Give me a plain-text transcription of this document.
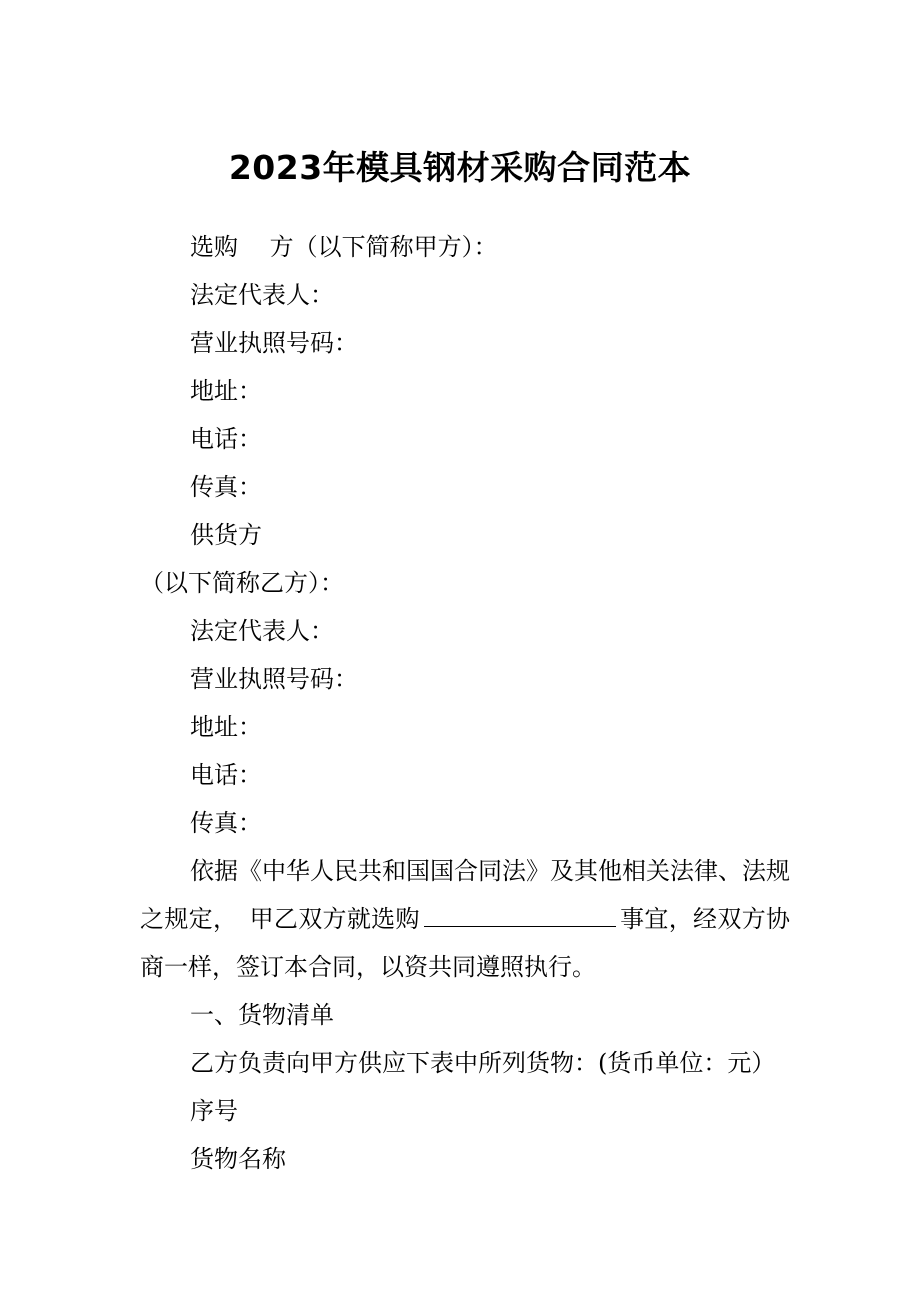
2023年模具钢材采购合同范本
选购　 方（以下简称甲方）：
法定代表人：
营业执照号码：
地址：
电话：
传真：
供货方
（以下简称乙方）：
法定代表人：
营业执照号码：
地址：
电话：
传真：
依据《中华人民共和国国合同法》及其他相关法律、法规之规定，　甲乙双方就选购	事宜，经双方协商一样，签订本合同，以资共同遵照执行。
一、货物清单
乙方负责向甲方供应下表中所列货物：(货币单位：元）
序号
货物名称
